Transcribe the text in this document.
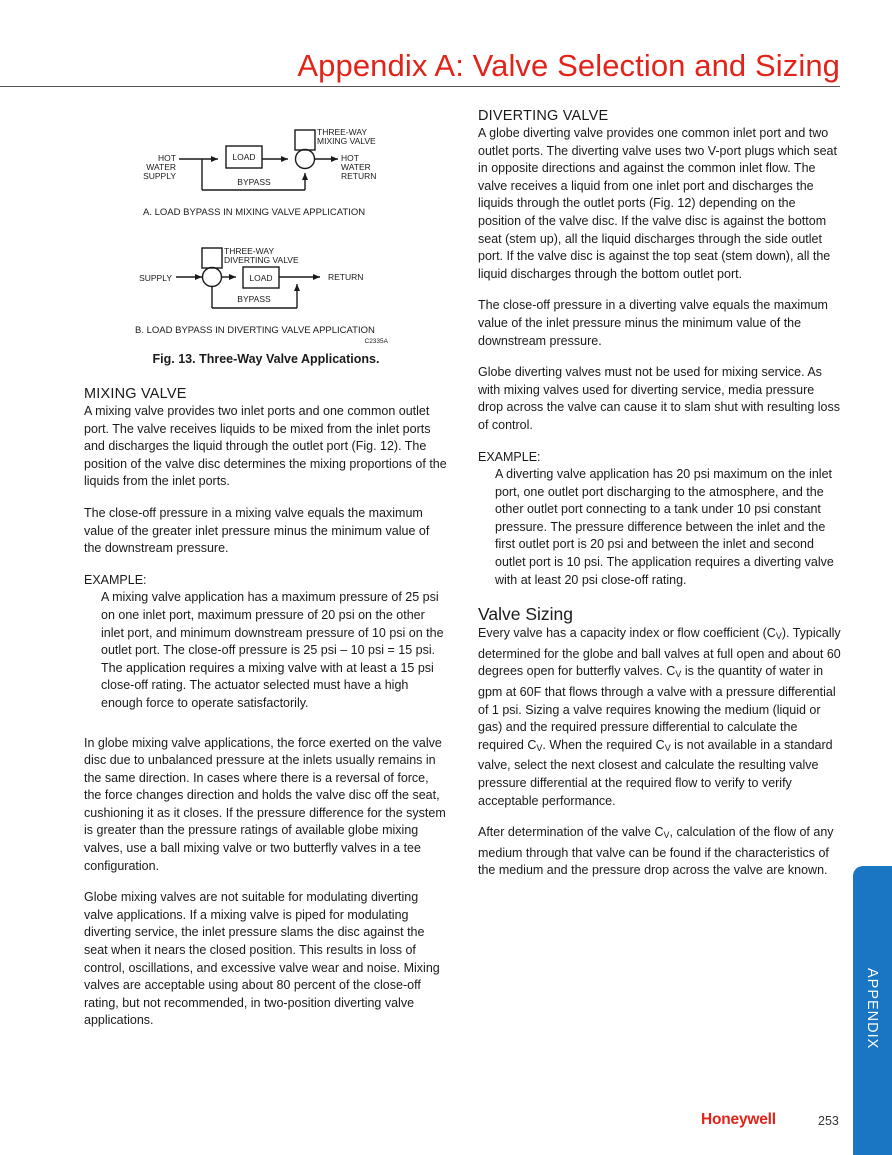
Appendix A: Valve Selection and Sizing
HOT
WATER
SUPPLY
LOAD
BYPASS
THREE-WAY
MIXING VALVE
HOT
WATER
RETURN
A. LOAD BYPASS IN MIXING VALVE APPLICATION
THREE-WAY
DIVERTING VALVE
SUPPLY	LOAD	RETURN
BYPASS
B. LOAD BYPASS IN DIVERTING VALVE APPLICATION
C2335A
Fig. 13. Three-Way Valve Applications.
MIXING VALVE

A mixing valve provides two inlet ports and one common outlet port. The valve receives liquids to be mixed from the inlet ports and discharges the liquid through the outlet port (Fig. 12). The position of the valve disc determines the mixing proportions of the liquids from the inlet ports.

The close-off pressure in a mixing valve equals the maximum value of the greater inlet pressure minus the minimum value of the downstream pressure.

EXAMPLE:
A mixing valve application has a maximum pressure of 25 psi on one inlet port, maximum pressure of 20 psi on the other inlet port, and minimum downstream pressure of 10 psi on the outlet port. The close-off pressure is 25 psi – 10 psi = 15 psi. The application requires a mixing valve with at least a 15 psi close-off rating. The actuator selected must have a high enough force to operate satisfactorily.

In globe mixing valve applications, the force exerted on the valve disc due to unbalanced pressure at the inlets usually remains in the same direction. In cases where there is a reversal of force, the force changes direction and holds the valve disc off the seat, cushioning it as it closes. If the pressure difference for the system is greater than the pressure ratings of available globe mixing valves, use a ball mixing valve or two butterfly valves in a tee configuration.

Globe mixing valves are not suitable for modulating diverting valve applications. If a mixing valve is piped for modulating diverting service, the inlet pressure slams the disc against the seat when it nears the closed position. This results in loss of control, oscillations, and excessive valve wear and noise. Mixing valves are acceptable using about 80 percent of the close-off rating, but not recommended, in two-position diverting valve applications.

DIVERTING VALVE

A globe diverting valve provides one common inlet port and two outlet ports. The diverting valve uses two V-port plugs which seat in opposite directions and against the common inlet flow. The valve receives a liquid from one inlet port and discharges the liquids through the outlet ports (Fig. 12) depending on the position of the valve disc. If the valve disc is against the bottom seat (stem up), all the liquid discharges through the side outlet port. If the valve disc is against the top seat (stem down), all the liquid discharges through the bottom outlet port.

The close-off pressure in a diverting valve equals the maximum value of the inlet pressure minus the minimum value of the downstream pressure.

Globe diverting valves must not be used for mixing service. As with mixing valves used for diverting service, media pressure drop across the valve can cause it to slam shut with resulting loss of control.

EXAMPLE:
A diverting valve application has 20 psi maximum on the inlet port, one outlet port discharging to the atmosphere, and the other outlet port connecting to a tank under 10 psi constant pressure. The pressure difference between the inlet and the first outlet port is 20 psi and between the inlet and second outlet port is 10 psi. The application requires a diverting valve with at least 20 psi close-off rating.
Valve Sizing

Every valve has a capacity index or flow coefficient $(C_V)$. Typically determined for the globe and ball valves at full open and about 60 degrees open for butterfly valves. $C_V$ is the quantity of water in gpm at 60F that flows through a valve with a pressure differential of 1 psi. Sizing a valve requires knowing the medium (liquid or gas) and the required pressure differential to calculate the required $C_V$. When the required $C_V$ is not available in a standard valve, select the next closest and calculate the resulting valve pressure differential at the required flow to verify to verify acceptable performance.

After determination of the valve $C_V$, calculation of the flow of any medium through that valve can be found if the characteristics of the medium and the pressure drop across the valve are known.

APPENDIX
Honeywell	253
